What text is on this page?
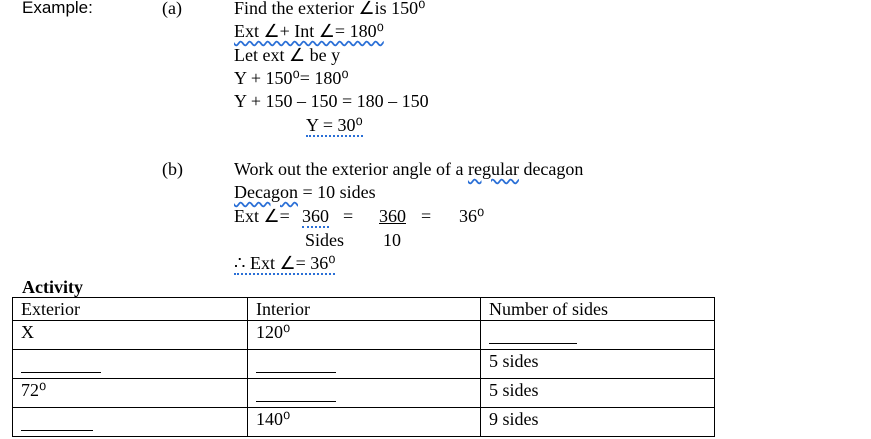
Example:	(a)	Find the exterior ∠is 150⁰
Ext ∠+ Int ∠= 180⁰
Let ext ∠ be y
Y + 150⁰= 180⁰
Y + 150 – 150 = 180 – 150
Y = 30⁰
(b)	Work out the exterior angle of a regular decagon
Decagon = 10 sides
Ext ∠= 360 = 360 = 36⁰
Sides 10
∴ Ext ∠= 36⁰
Activity
Exterior	Interior	Number of sides
X	120⁰	
		5 sides
72⁰		5 sides
	140⁰	9 sides
